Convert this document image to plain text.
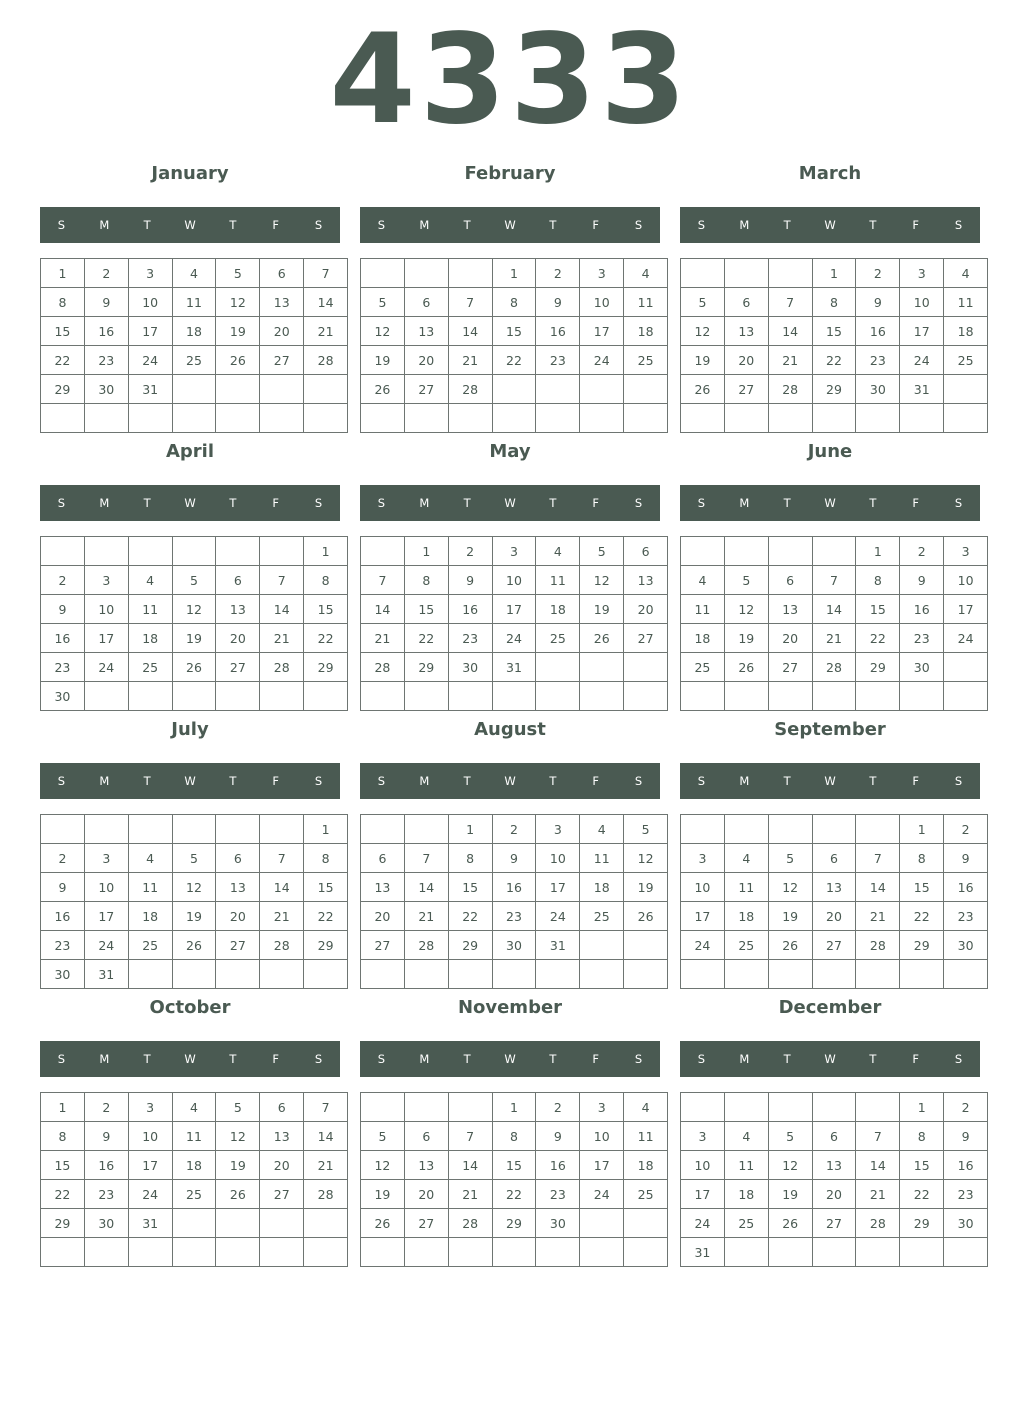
4333
January
S	M	T	W	T	F	S
1	2	3	4	5	6	7
8	9	10	11	12	13	14
15	16	17	18	19	20	21
22	23	24	25	26	27	28
29	30	31				

February
S	M	T	W	T	F	S
			1	2	3	4
5	6	7	8	9	10	11
12	13	14	15	16	17	18
19	20	21	22	23	24	25
26	27	28				

March
S	M	T	W	T	F	S
			1	2	3	4
5	6	7	8	9	10	11
12	13	14	15	16	17	18
19	20	21	22	23	24	25
26	27	28	29	30	31	

April
S	M	T	W	T	F	S
						1
2	3	4	5	6	7	8
9	10	11	12	13	14	15
16	17	18	19	20	21	22
23	24	25	26	27	28	29
30						
May
S	M	T	W	T	F	S
	1	2	3	4	5	6
7	8	9	10	11	12	13
14	15	16	17	18	19	20
21	22	23	24	25	26	27
28	29	30	31			

June
S	M	T	W	T	F	S
				1	2	3
4	5	6	7	8	9	10
11	12	13	14	15	16	17
18	19	20	21	22	23	24
25	26	27	28	29	30	

July
S	M	T	W	T	F	S
						1
2	3	4	5	6	7	8
9	10	11	12	13	14	15
16	17	18	19	20	21	22
23	24	25	26	27	28	29
30	31					
August
S	M	T	W	T	F	S
		1	2	3	4	5
6	7	8	9	10	11	12
13	14	15	16	17	18	19
20	21	22	23	24	25	26
27	28	29	30	31		

September
S	M	T	W	T	F	S
					1	2
3	4	5	6	7	8	9
10	11	12	13	14	15	16
17	18	19	20	21	22	23
24	25	26	27	28	29	30

October
S	M	T	W	T	F	S
1	2	3	4	5	6	7
8	9	10	11	12	13	14
15	16	17	18	19	20	21
22	23	24	25	26	27	28
29	30	31				

November
S	M	T	W	T	F	S
			1	2	3	4
5	6	7	8	9	10	11
12	13	14	15	16	17	18
19	20	21	22	23	24	25
26	27	28	29	30		

December
S	M	T	W	T	F	S
					1	2
3	4	5	6	7	8	9
10	11	12	13	14	15	16
17	18	19	20	21	22	23
24	25	26	27	28	29	30
31						
